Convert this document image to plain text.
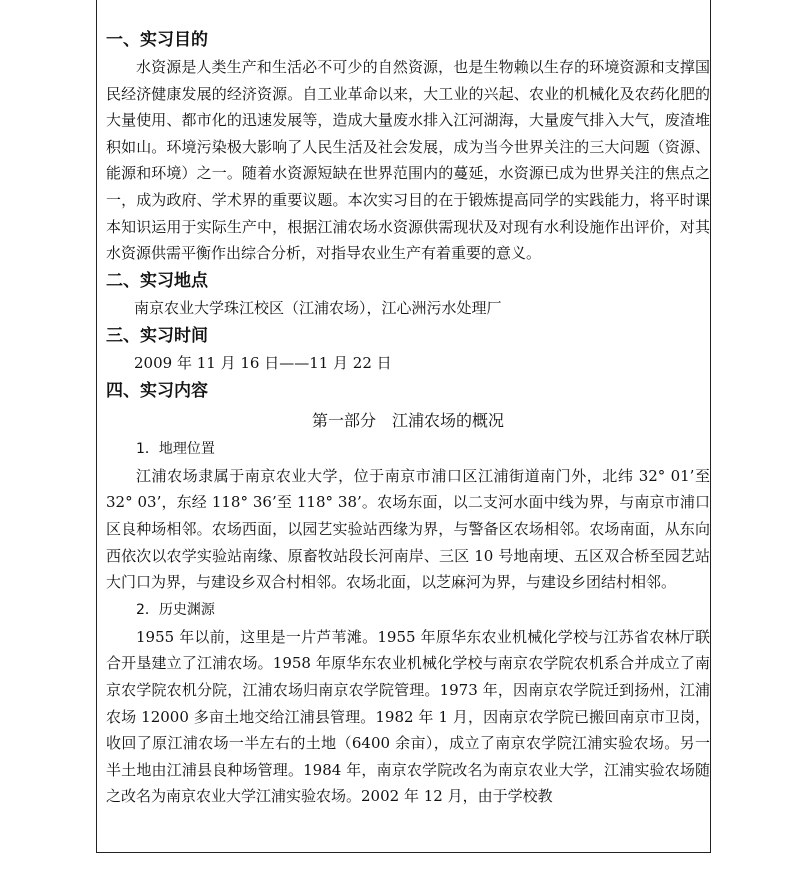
一、实习目的

水资源是人类生产和生活必不可少的自然资源，也是生物赖以生存的环境资源和支撑国民经济健康发展的经济资源。自工业革命以来，大工业的兴起、农业的机械化及农药化肥的大量使用、都市化的迅速发展等，造成大量废水排入江河湖海，大量废气排入大气，废渣堆积如山。环境污染极大影响了人民生活及社会发展，成为当今世界关注的三大问题（资源、能源和环境）之一。随着水资源短缺在世界范围内的蔓延，水资源已成为世界关注的焦点之一，成为政府、学术界的重要议题。本次实习目的在于锻炼提高同学的实践能力，将平时课本知识运用于实际生产中，根据江浦农场水资源供需现状及对现有水利设施作出评价，对其水资源供需平衡作出综合分析，对指导农业生产有着重要的意义。

二、实习地点

南京农业大学珠江校区（江浦农场），江心洲污水处理厂

三、实习时间

2009 年 11 月 16 日——11 月 22 日

四、实习内容
第一部分　江浦农场的概况
1．地理位置

江浦农场隶属于南京农业大学，位于南京市浦口区江浦街道南门外，北纬 32° 01’至 32° 03’，东经 118° 36’至 118° 38’。农场东面，以二支河水面中线为界，与南京市浦口区良种场相邻。农场西面，以园艺实验站西缘为界，与警备区农场相邻。农场南面，从东向西依次以农学实验站南缘、原畜牧站段长河南岸、三区 10 号地南埂、五区双合桥至园艺站大门口为界，与建设乡双合村相邻。农场北面，以芝麻河为界，与建设乡团结村相邻。

2．历史渊源

1955 年以前，这里是一片芦苇滩。1955 年原华东农业机械化学校与江苏省农林厅联合开垦建立了江浦农场。1958 年原华东农业机械化学校与南京农学院农机系合并成立了南京农学院农机分院，江浦农场归南京农学院管理。1973 年，因南京农学院迁到扬州，江浦农场 12000 多亩土地交给江浦县管理。1982 年 1 月，因南京农学院已搬回南京市卫岗，收回了原江浦农场一半左右的土地（6400 余亩），成立了南京农学院江浦实验农场。另一半土地由江浦县良种场管理。1984 年，南京农学院改名为南京农业大学，江浦实验农场随之改名为南京农业大学江浦实验农场。2002 年 12 月，由于学校教
